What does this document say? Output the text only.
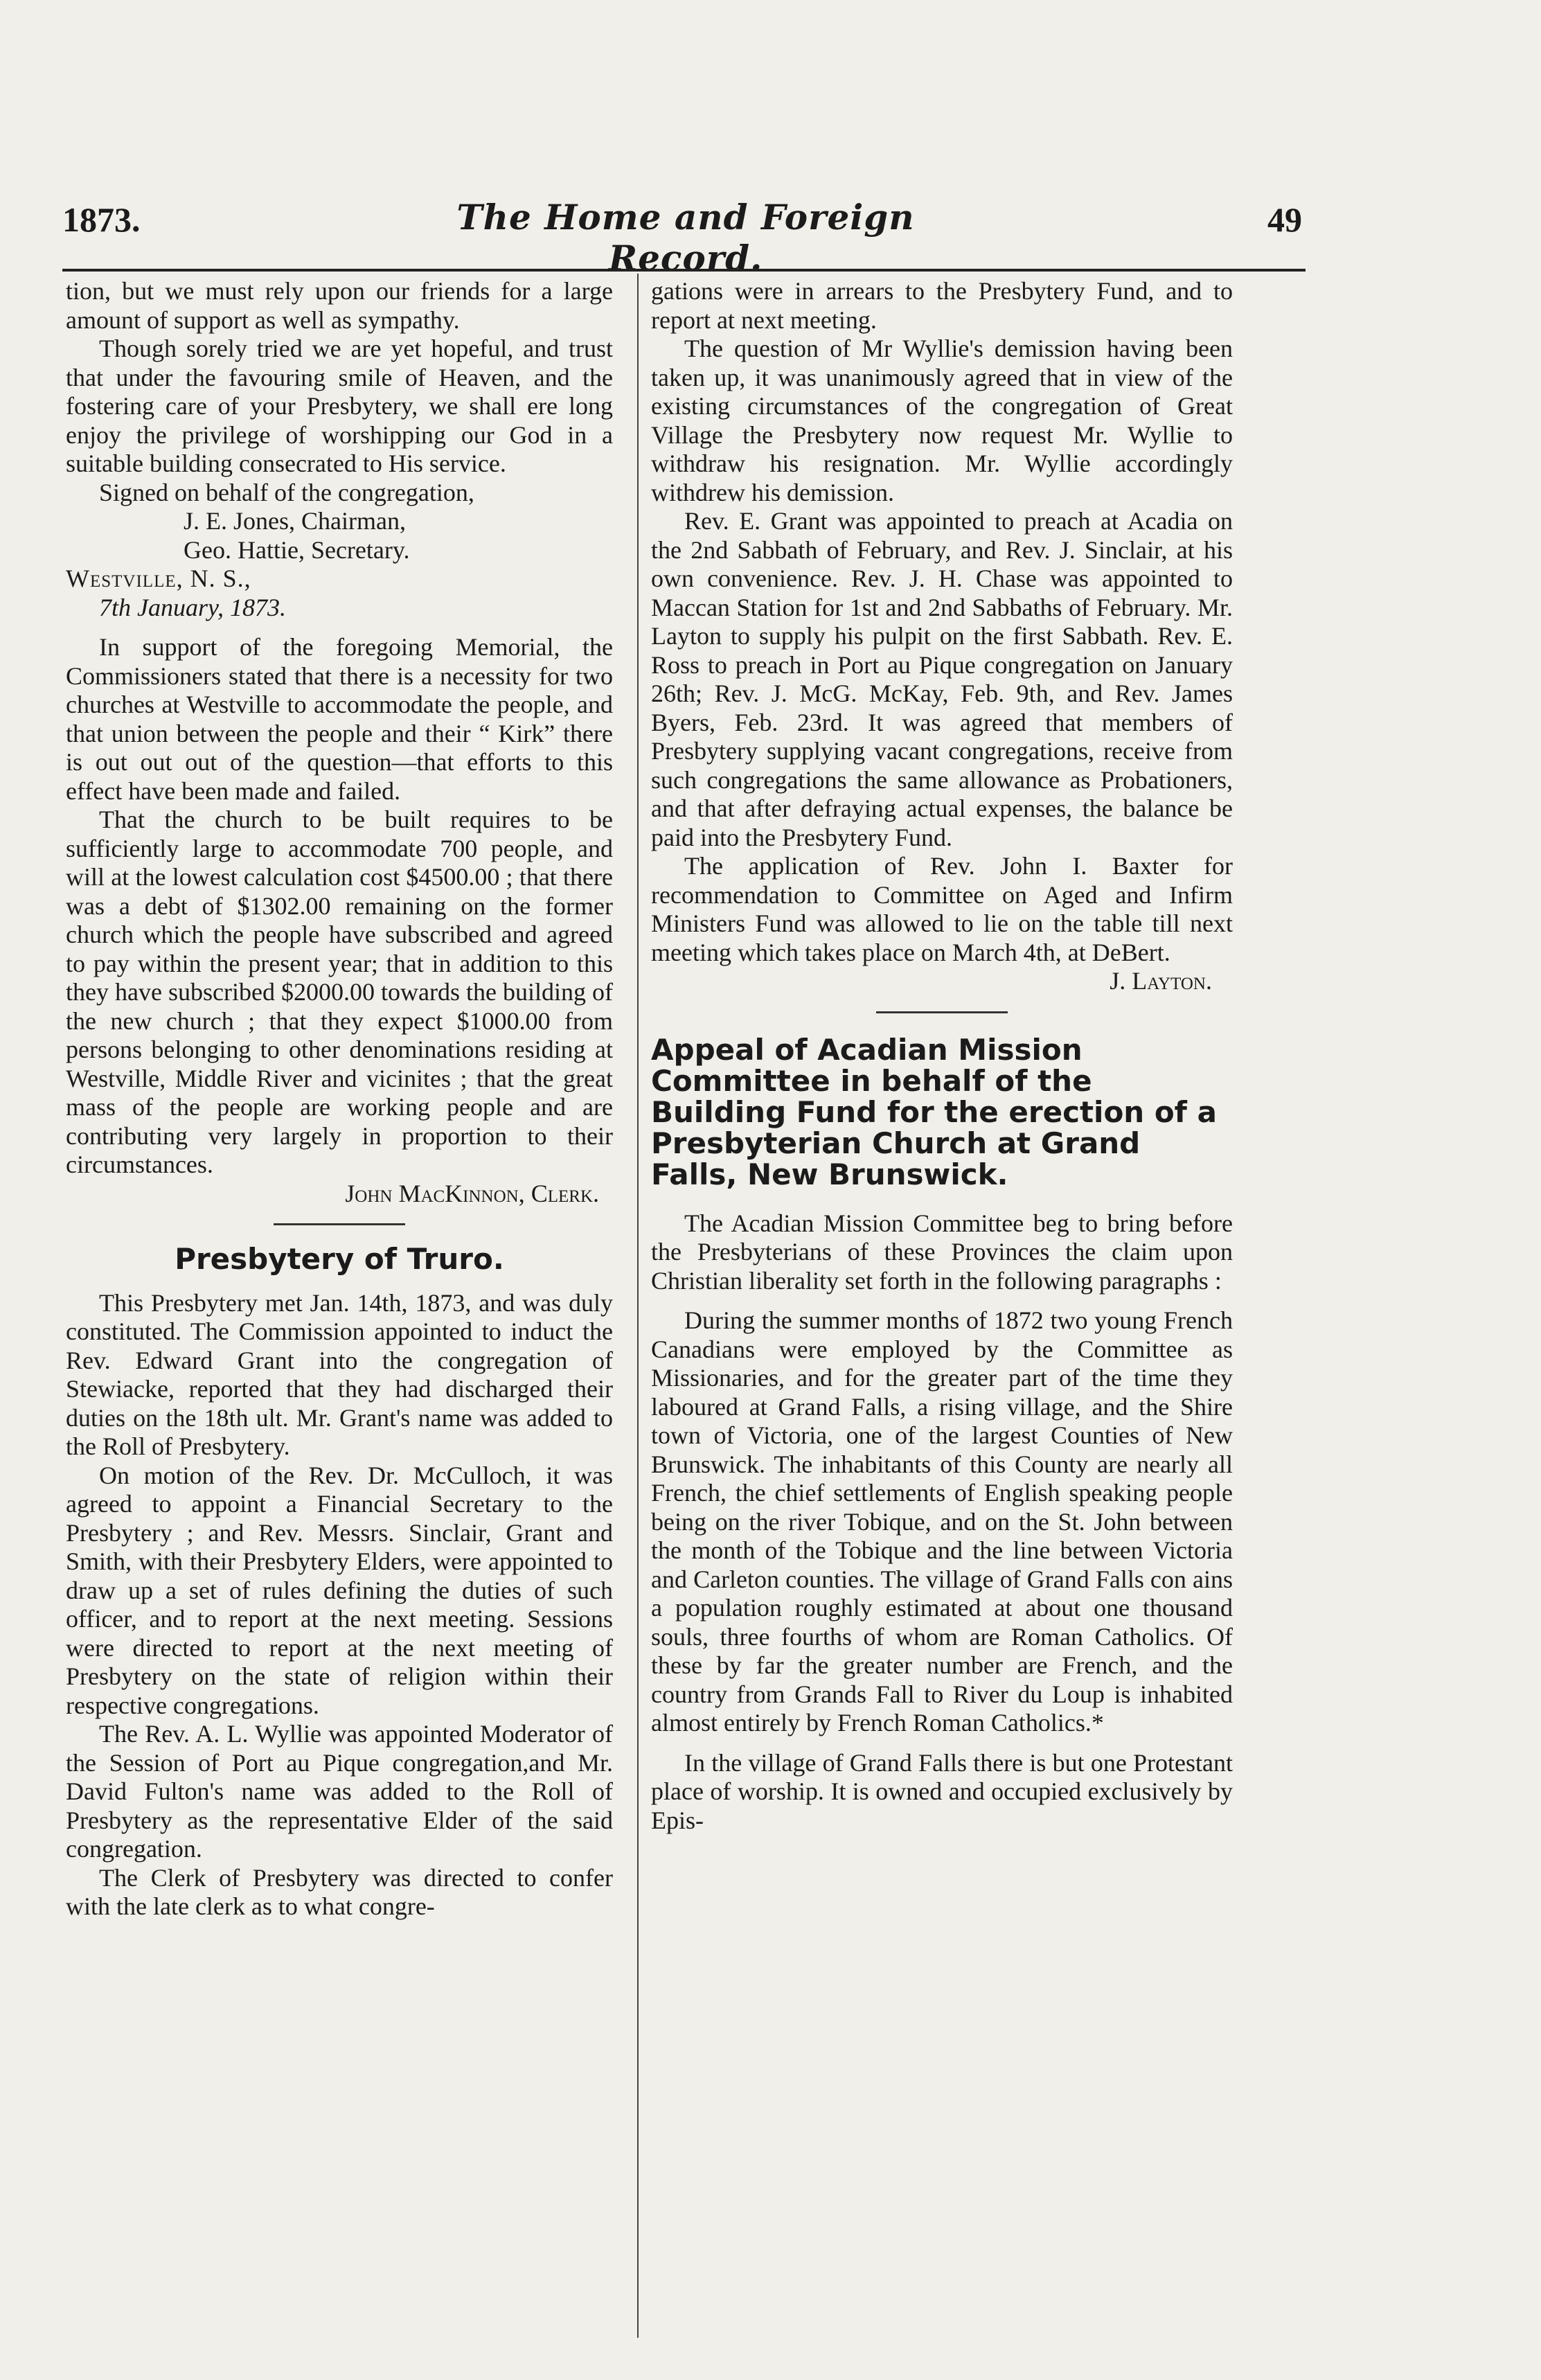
1873.	The Home and Foreign Record.
49

tion, but we must rely upon our friends for a large amount of support as well as sympathy.

Though sorely tried we are yet hopeful, and trust that under the favouring smile of Heaven, and the fostering care of your Presbytery, we shall ere long enjoy the privilege of worshipping our God in a suitable building consecrated to His service.

Signed on behalf of the congregation,

J. E. Jones, Chairman,

Geo. Hattie, Secretary.

Westville, N. S.,

7th January, 1873.

In support of the foregoing Memorial, the Commissioners stated that there is a necessity for two churches at Westville to accommodate the people, and that union between the people and their “ Kirk” there is out out out of the question—that efforts to this effect have been made and failed.

That the church to be built requires to be sufficiently large to accommodate 700 people, and will at the lowest calculation cost $4500.00 ; that there was a debt of $1302.00 remaining on the former church which the people have subscribed and agreed to pay within the present year; that in addition to this they have subscribed $2000.00 towards the building of the new church ; that they expect $1000.00 from persons belonging to other denominations residing at Westville, Middle River and vicinites ; that the great mass of the people are working people and are contributing very largely in proportion to their circumstances.

John MacKinnon, Clerk.

Presbytery of Truro.

This Presbytery met Jan. 14th, 1873, and was duly constituted. The Commission appointed to induct the Rev. Edward Grant into the congregation of Stewiacke, reported that they had discharged their duties on the 18th ult. Mr. Grant's name was added to the Roll of Presbytery.

On motion of the Rev. Dr. McCulloch, it was agreed to appoint a Financial Secretary to the Presbytery ; and Rev. Messrs. Sinclair, Grant and Smith, with their Presbytery Elders, were appointed to draw up a set of rules defining the duties of such officer, and to report at the next meeting. Sessions were directed to report at the next meeting of Presbytery on the state of religion within their respective congregations.

The Rev. A. L. Wyllie was appointed Moderator of the Session of Port au Pique congregation,and Mr. David Fulton's name was added to the Roll of Presbytery as the representative Elder of the said congregation.

The Clerk of Presbytery was directed to confer with the late clerk as to what congre-

gations were in arrears to the Presbytery Fund, and to report at next meeting.

The question of Mr Wyllie's demission having been taken up, it was unanimously agreed that in view of the existing circumstances of the congregation of Great Village the Presbytery now request Mr. Wyllie to withdraw his resignation. Mr. Wyllie accordingly withdrew his demission.

Rev. E. Grant was appointed to preach at Acadia on the 2nd Sabbath of February, and Rev. J. Sinclair, at his own convenience. Rev. J. H. Chase was appointed to Maccan Station for 1st and 2nd Sabbaths of February. Mr. Layton to supply his pulpit on the first Sabbath. Rev. E. Ross to preach in Port au Pique congregation on January 26th; Rev. J. McG. McKay, Feb. 9th, and Rev. James Byers, Feb. 23rd. It was agreed that members of Presbytery supplying vacant congregations, receive from such congregations the same allowance as Probationers, and that after defraying actual expenses, the balance be paid into the Presbytery Fund.

The application of Rev. John I. Baxter for recommendation to Committee on Aged and Infirm Ministers Fund was allowed to lie on the table till next meeting which takes place on March 4th, at DeBert.

J. Layton.

Appeal of Acadian Mission Committee in behalf of the Building Fund for the erection of a Presbyterian Church at Grand Falls, New Brunswick.

The Acadian Mission Committee beg to bring before the Presbyterians of these Provinces the claim upon Christian liberality set forth in the following paragraphs :

During the summer months of 1872 two young French Canadians were employed by the Committee as Missionaries, and for the greater part of the time they laboured at Grand Falls, a rising village, and the Shire town of Victoria, one of the largest Counties of New Brunswick. The inhabitants of this County are nearly all French, the chief settlements of English speaking people being on the river Tobique, and on the St. John between the month of the Tobique and the line between Victoria and Carleton counties. The village of Grand Falls con ains a population roughly estimated at about one thousand souls, three fourths of whom are Roman Catholics. Of these by far the greater number are French, and the country from Grands Fall to River du Loup is inhabited almost entirely by French Roman Catholics.*

In the village of Grand Falls there is but one Protestant place of worship. It is owned and occupied exclusively by Epis-
